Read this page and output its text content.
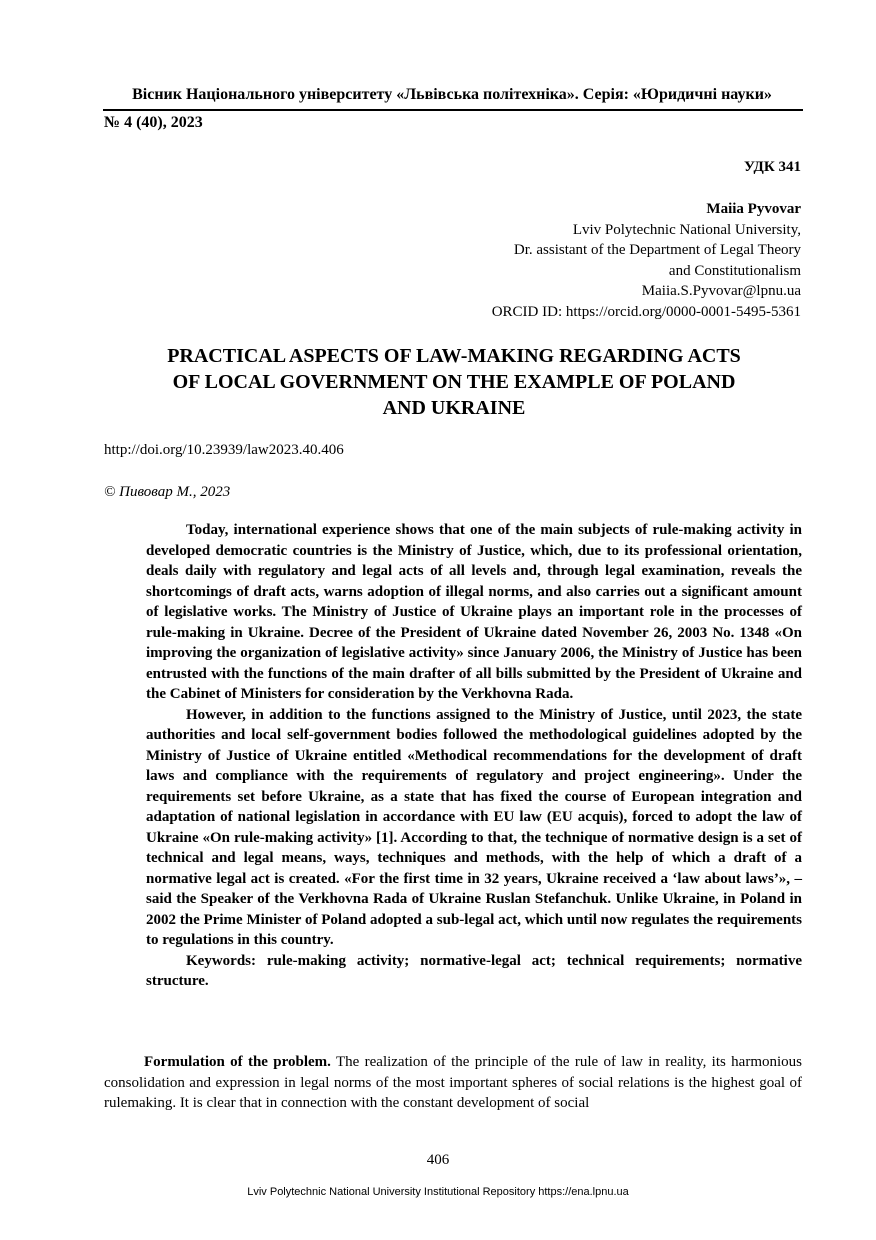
Вісник Національного університету «Львівська політехніка». Серія: «Юридичні науки»
№ 4 (40), 2023
УДК 341
Maiia Pyvovar
Lviv Polytechnic National University,
Dr. assistant of the Department of Legal Theory
and Constitutionalism
Maiia.S.Pyvovar@lpnu.ua
ORCID ID: https://orcid.org/0000-0001-5495-5361
PRACTICAL ASPECTS OF LAW-MAKING REGARDING ACTS
OF LOCAL GOVERNMENT ON THE EXAMPLE OF POLAND
AND UKRAINE
http://doi.org/10.23939/law2023.40.406
© Пивовар М., 2023

Today, international experience shows that one of the main subjects of rule-making activity in developed democratic countries is the Ministry of Justice, which, due to its professional orientation, deals daily with regulatory and legal acts of all levels and, through legal examination, reveals the shortcomings of draft acts, warns adoption of illegal norms, and also carries out a significant amount of legislative works. The Ministry of Justice of Ukraine plays an important role in the processes of rule-making in Ukraine. Decree of the President of Ukraine dated November 26, 2003 No. 1348 «On improving the organization of legislative activity» since January 2006, the Ministry of Justice has been entrusted with the functions of the main drafter of all bills submitted by the President of Ukraine and the Cabinet of Ministers for consideration by the Verkhovna Rada.

However, in addition to the functions assigned to the Ministry of Justice, until 2023, the state authorities and local self-government bodies followed the methodological guidelines adopted by the Ministry of Justice of Ukraine entitled «Methodical recommendations for the development of draft laws and compliance with the requirements of regulatory and project engineering». Under the requirements set before Ukraine, as a state that has fixed the course of European integration and adaptation of national legislation in accordance with EU law (EU acquis), forced to adopt the law of Ukraine «On rule-making activity» [1]. According to that, the technique of normative design is a set of technical and legal means, ways, techniques and methods, with the help of which a draft of a normative legal act is created. «For the first time in 32 years, Ukraine received a ‘law about laws’», – said the Speaker of the Verkhovna Rada of Ukraine Ruslan Stefanchuk. Unlike Ukraine, in Poland in 2002 the Prime Minister of Poland adopted a sub-legal act, which until now regulates the requirements to regulations in this country.

Keywords: rule-making activity; normative-legal act; technical requirements; normative structure.

Formulation of the problem. The realization of the principle of the rule of law in reality, its harmonious consolidation and expression in legal norms of the most important spheres of social relations is the highest goal of rulemaking. It is clear that in connection with the constant development of social

406
Lviv Polytechnic National University Institutional Repository https://ena.lpnu.ua
